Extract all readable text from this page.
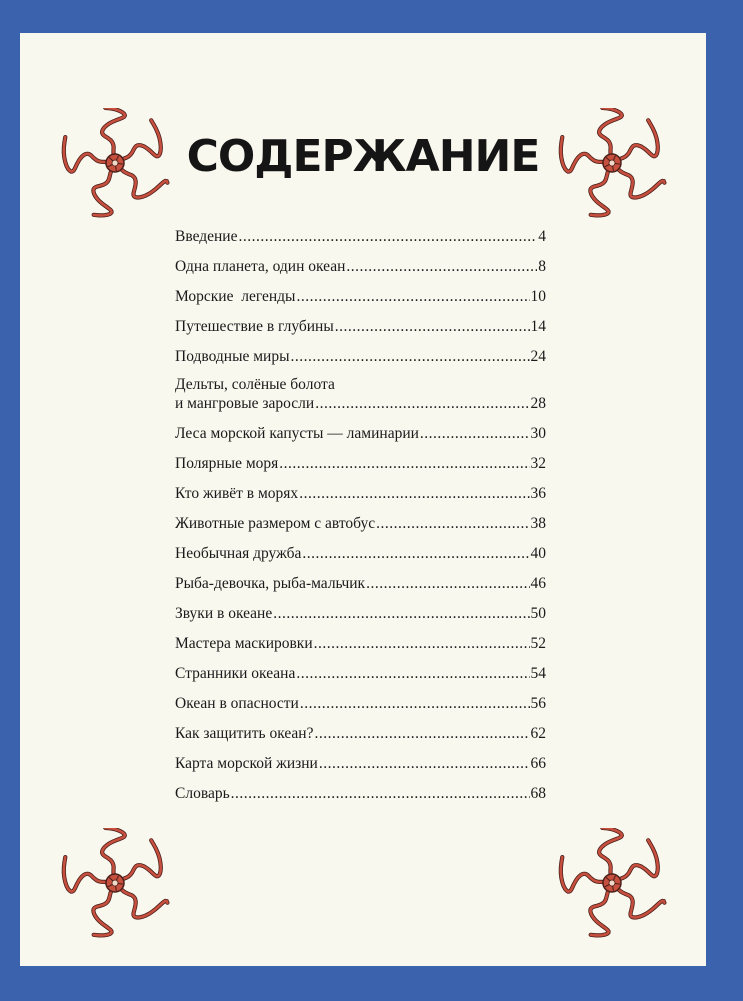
СОДЕРЖАНИЕ
Введение .....	4
Одна планета, один океан .....	8
Морские  легенды .....	10
Путешествие в глубины .....	14
Подводные миры .....	24
Дельты, солёные болота
и мангровые заросли .....	28
Леса морской капусты — ламинарии .....	30
Полярные моря .....	32
Кто живёт в морях .....	36
Животные размером с автобус .....	38
Необычная дружба .....	40
Рыба-девочка, рыба-мальчик .....	46
Звуки в океане .....	50
Мастера маскировки .....	52
Странники океана .....	54
Океан в опасности .....	56
Как защитить океан? .....	62
Карта морской жизни .....	66
Словарь .....	68
